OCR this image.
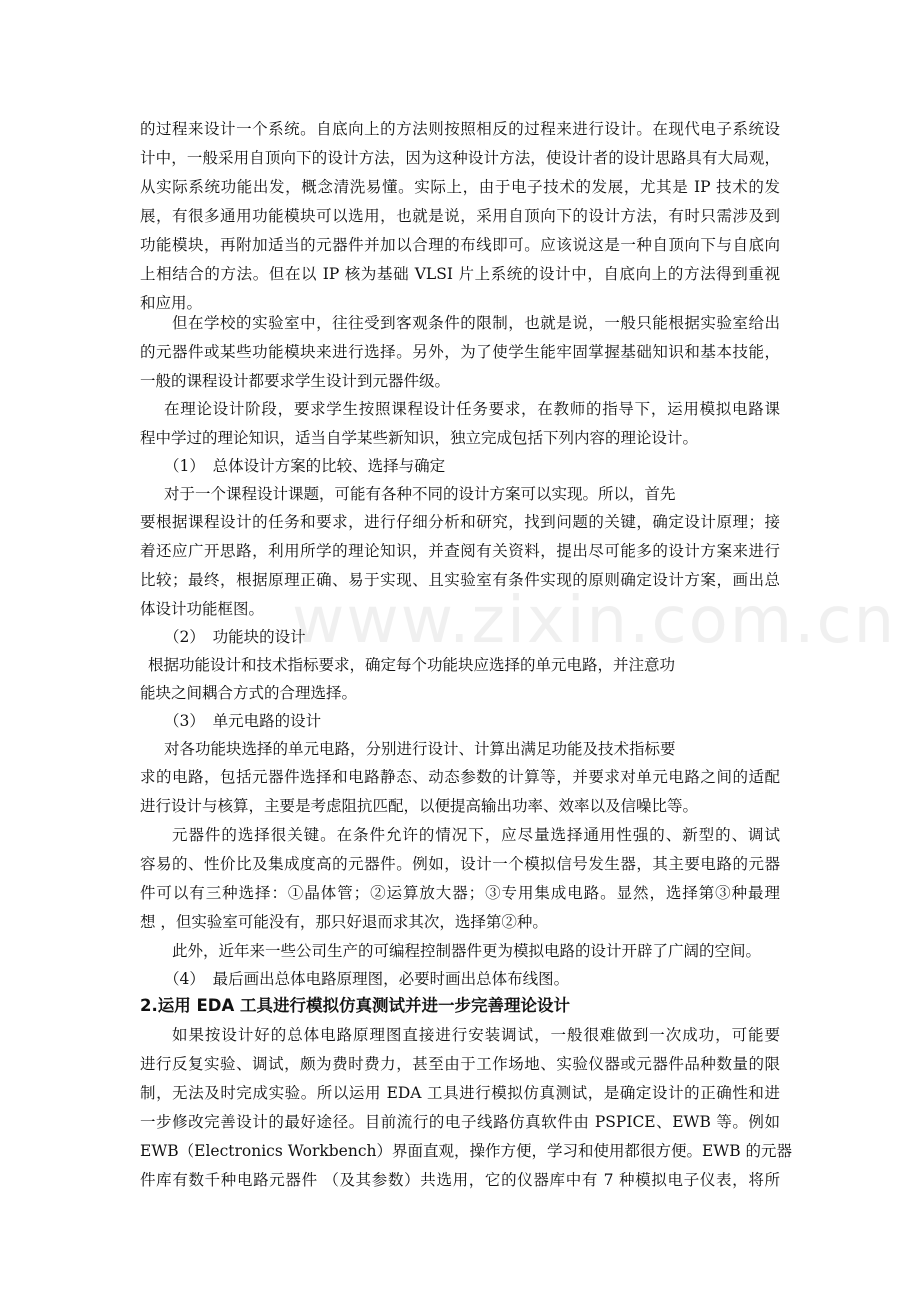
www.zixin.com.cn
的过程来设计一个系统。自底向上的方法则按照相反的过程来进行设计。在现代电子系统设
计中，一般采用自顶向下的设计方法，因为这种设计方法，使设计者的设计思路具有大局观，
从实际系统功能出发，概念清洗易懂。实际上，由于电子技术的发展，尤其是 IP 技术的发
展，有很多通用功能模块可以选用，也就是说，采用自顶向下的设计方法，有时只需涉及到
功能模块，再附加适当的元器件并加以合理的布线即可。应该说这是一种自顶向下与自底向
上相结合的方法。但在以 IP 核为基础 VLSI 片上系统的设计中，自底向上的方法得到重视
和应用。
但在学校的实验室中，往往受到客观条件的限制，也就是说，一般只能根据实验室给出
的元器件或某些功能模块来进行选择。另外，为了使学生能牢固掌握基础知识和基本技能，
一般的课程设计都要求学生设计到元器件级。
在理论设计阶段，要求学生按照课程设计任务要求，在教师的指导下，运用模拟电路课
程中学过的理论知识，适当自学某些新知识，独立完成包括下列内容的理论设计。
（1）　总体设计方案的比较、选择与确定
对于一个课程设计课题，可能有各种不同的设计方案可以实现。所以，首先
要根据课程设计的任务和要求，进行仔细分析和研究，找到问题的关键，确定设计原理；接
着还应广开思路，利用所学的理论知识，并查阅有关资料，提出尽可能多的设计方案来进行
比较；最终，根据原理正确、易于实现、且实验室有条件实现的原则确定设计方案，画出总
体设计功能框图。
（2）　功能块的设计
根据功能设计和技术指标要求，确定每个功能块应选择的单元电路，并注意功
能块之间耦合方式的合理选择。
（3）　单元电路的设计
对各功能块选择的单元电路，分别进行设计、计算出满足功能及技术指标要
求的电路，包括元器件选择和电路静态、动态参数的计算等，并要求对单元电路之间的适配
进行设计与核算，主要是考虑阻抗匹配，以便提高输出功率、效率以及信噪比等。
元器件的选择很关键。在条件允许的情况下，应尽量选择通用性强的、新型的、调试
容易的、性价比及集成度高的元器件。例如，设计一个模拟信号发生器，其主要电路的元器
件可以有三种选择：①晶体管；②运算放大器；③专用集成电路。显然，选择第③种最理
想 ，但实验室可能没有，那只好退而求其次，选择第②种。
此外，近年来一些公司生产的可编程控制器件更为模拟电路的设计开辟了广阔的空间。
（4）　最后画出总体电路原理图，必要时画出总体布线图。
2.运用 EDA 工具进行模拟仿真测试并进一步完善理论设计
如果按设计好的总体电路原理图直接进行安装调试，一般很难做到一次成功，可能要
进行反复实验、调试，颇为费时费力，甚至由于工作场地、实验仪器或元器件品种数量的限
制，无法及时完成实验。所以运用 EDA 工具进行模拟仿真测试，是确定设计的正确性和进
一步修改完善设计的最好途径。目前流行的电子线路仿真软件由 PSPICE、EWB 等。例如
EWB（Electronics Workbench）界面直观，操作方便，学习和使用都很方便。EWB 的元器
件库有数千种电路元器件 （及其参数）共选用，它的仪器库中有 7 种模拟电子仪表，将所
